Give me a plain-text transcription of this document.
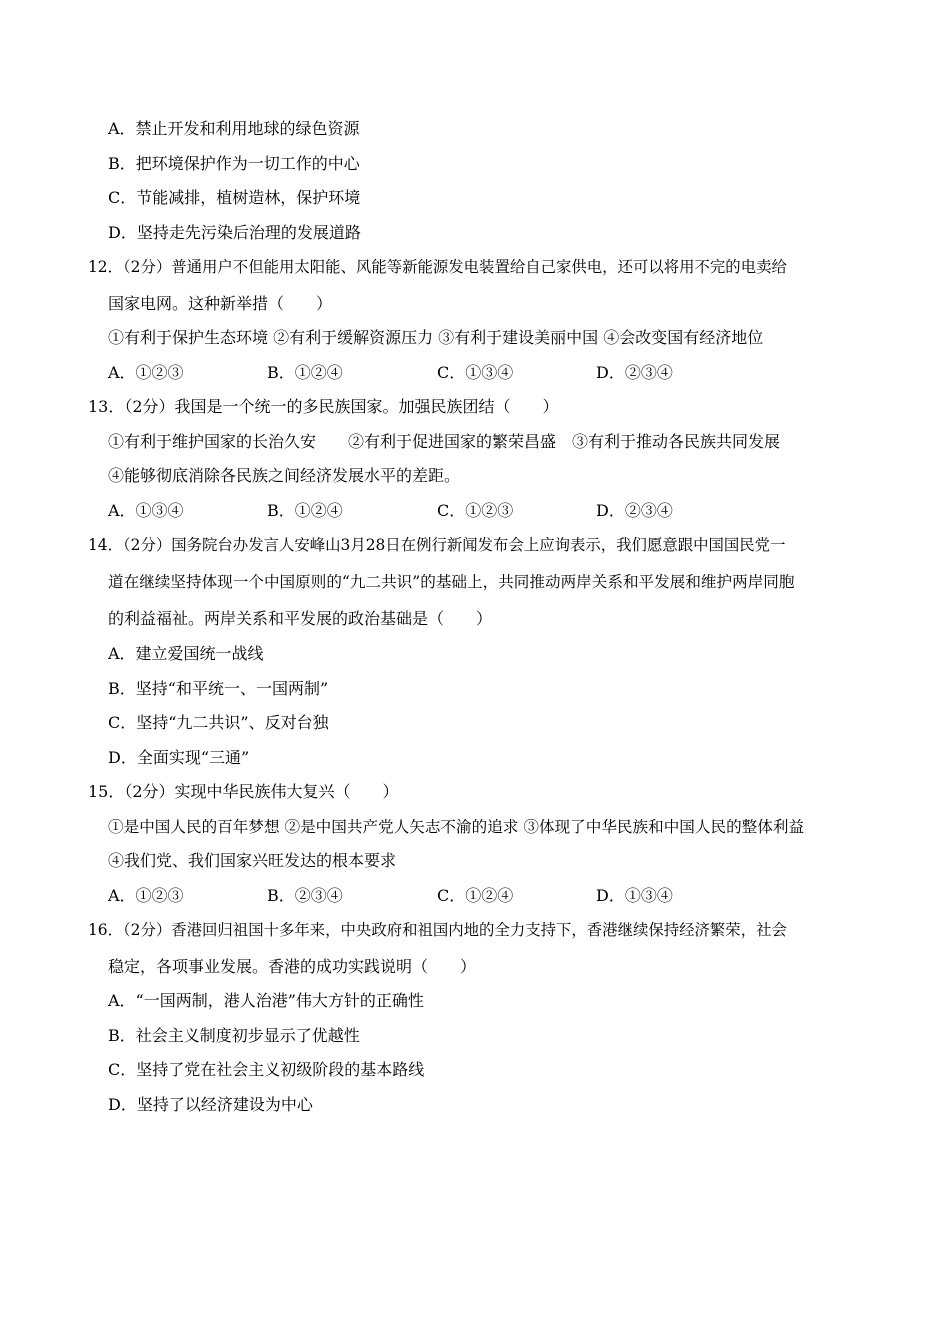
A．禁止开发和利用地球的绿色资源
B．把环境保护作为一切工作的中心
C．节能减排，植树造林，保护环境
D．坚持走先污染后治理的发展道路
12．（2分）普通用户不但能用太阳能、风能等新能源发电装置给自己家供电，还可以将用不完的电卖给
国家电网。这种新举措（　　）
①有利于保护生态环境 ②有利于缓解资源压力 ③有利于建设美丽中国 ④会改变国有经济地位
A．①②③	B．①②④	C．①③④	D．②③④
13．（2分）我国是一个统一的多民族国家。加强民族团结（　　）
①有利于维护国家的长治久安　　②有利于促进国家的繁荣昌盛　③有利于推动各民族共同发展
④能够彻底消除各民族之间经济发展水平的差距。
A．①③④	B．①②④	C．①②③	D．②③④
14．（2分）国务院台办发言人安峰山3月28日在例行新闻发布会上应询表示，我们愿意跟中国国民党一
道在继续坚持体现一个中国原则的“九二共识”的基础上，共同推动两岸关系和平发展和维护两岸同胞
的利益福祉。两岸关系和平发展的政治基础是（　　）
A．建立爱国统一战线
B．坚持“和平统一、一国两制”
C．坚持“九二共识”、反对台独
D．全面实现“三通”
15．（2分）实现中华民族伟大复兴（　　）
①是中国人民的百年梦想 ②是中国共产党人矢志不渝的追求 ③体现了中华民族和中国人民的整体利益
④我们党、我们国家兴旺发达的根本要求
A．①②③	B．②③④	C．①②④	D．①③④
16．（2分）香港回归祖国十多年来，中央政府和祖国内地的全力支持下，香港继续保持经济繁荣，社会
稳定，各项事业发展。香港的成功实践说明（　　）
A．“一国两制，港人治港”伟大方针的正确性
B．社会主义制度初步显示了优越性
C．坚持了党在社会主义初级阶段的基本路线
D．坚持了以经济建设为中心
